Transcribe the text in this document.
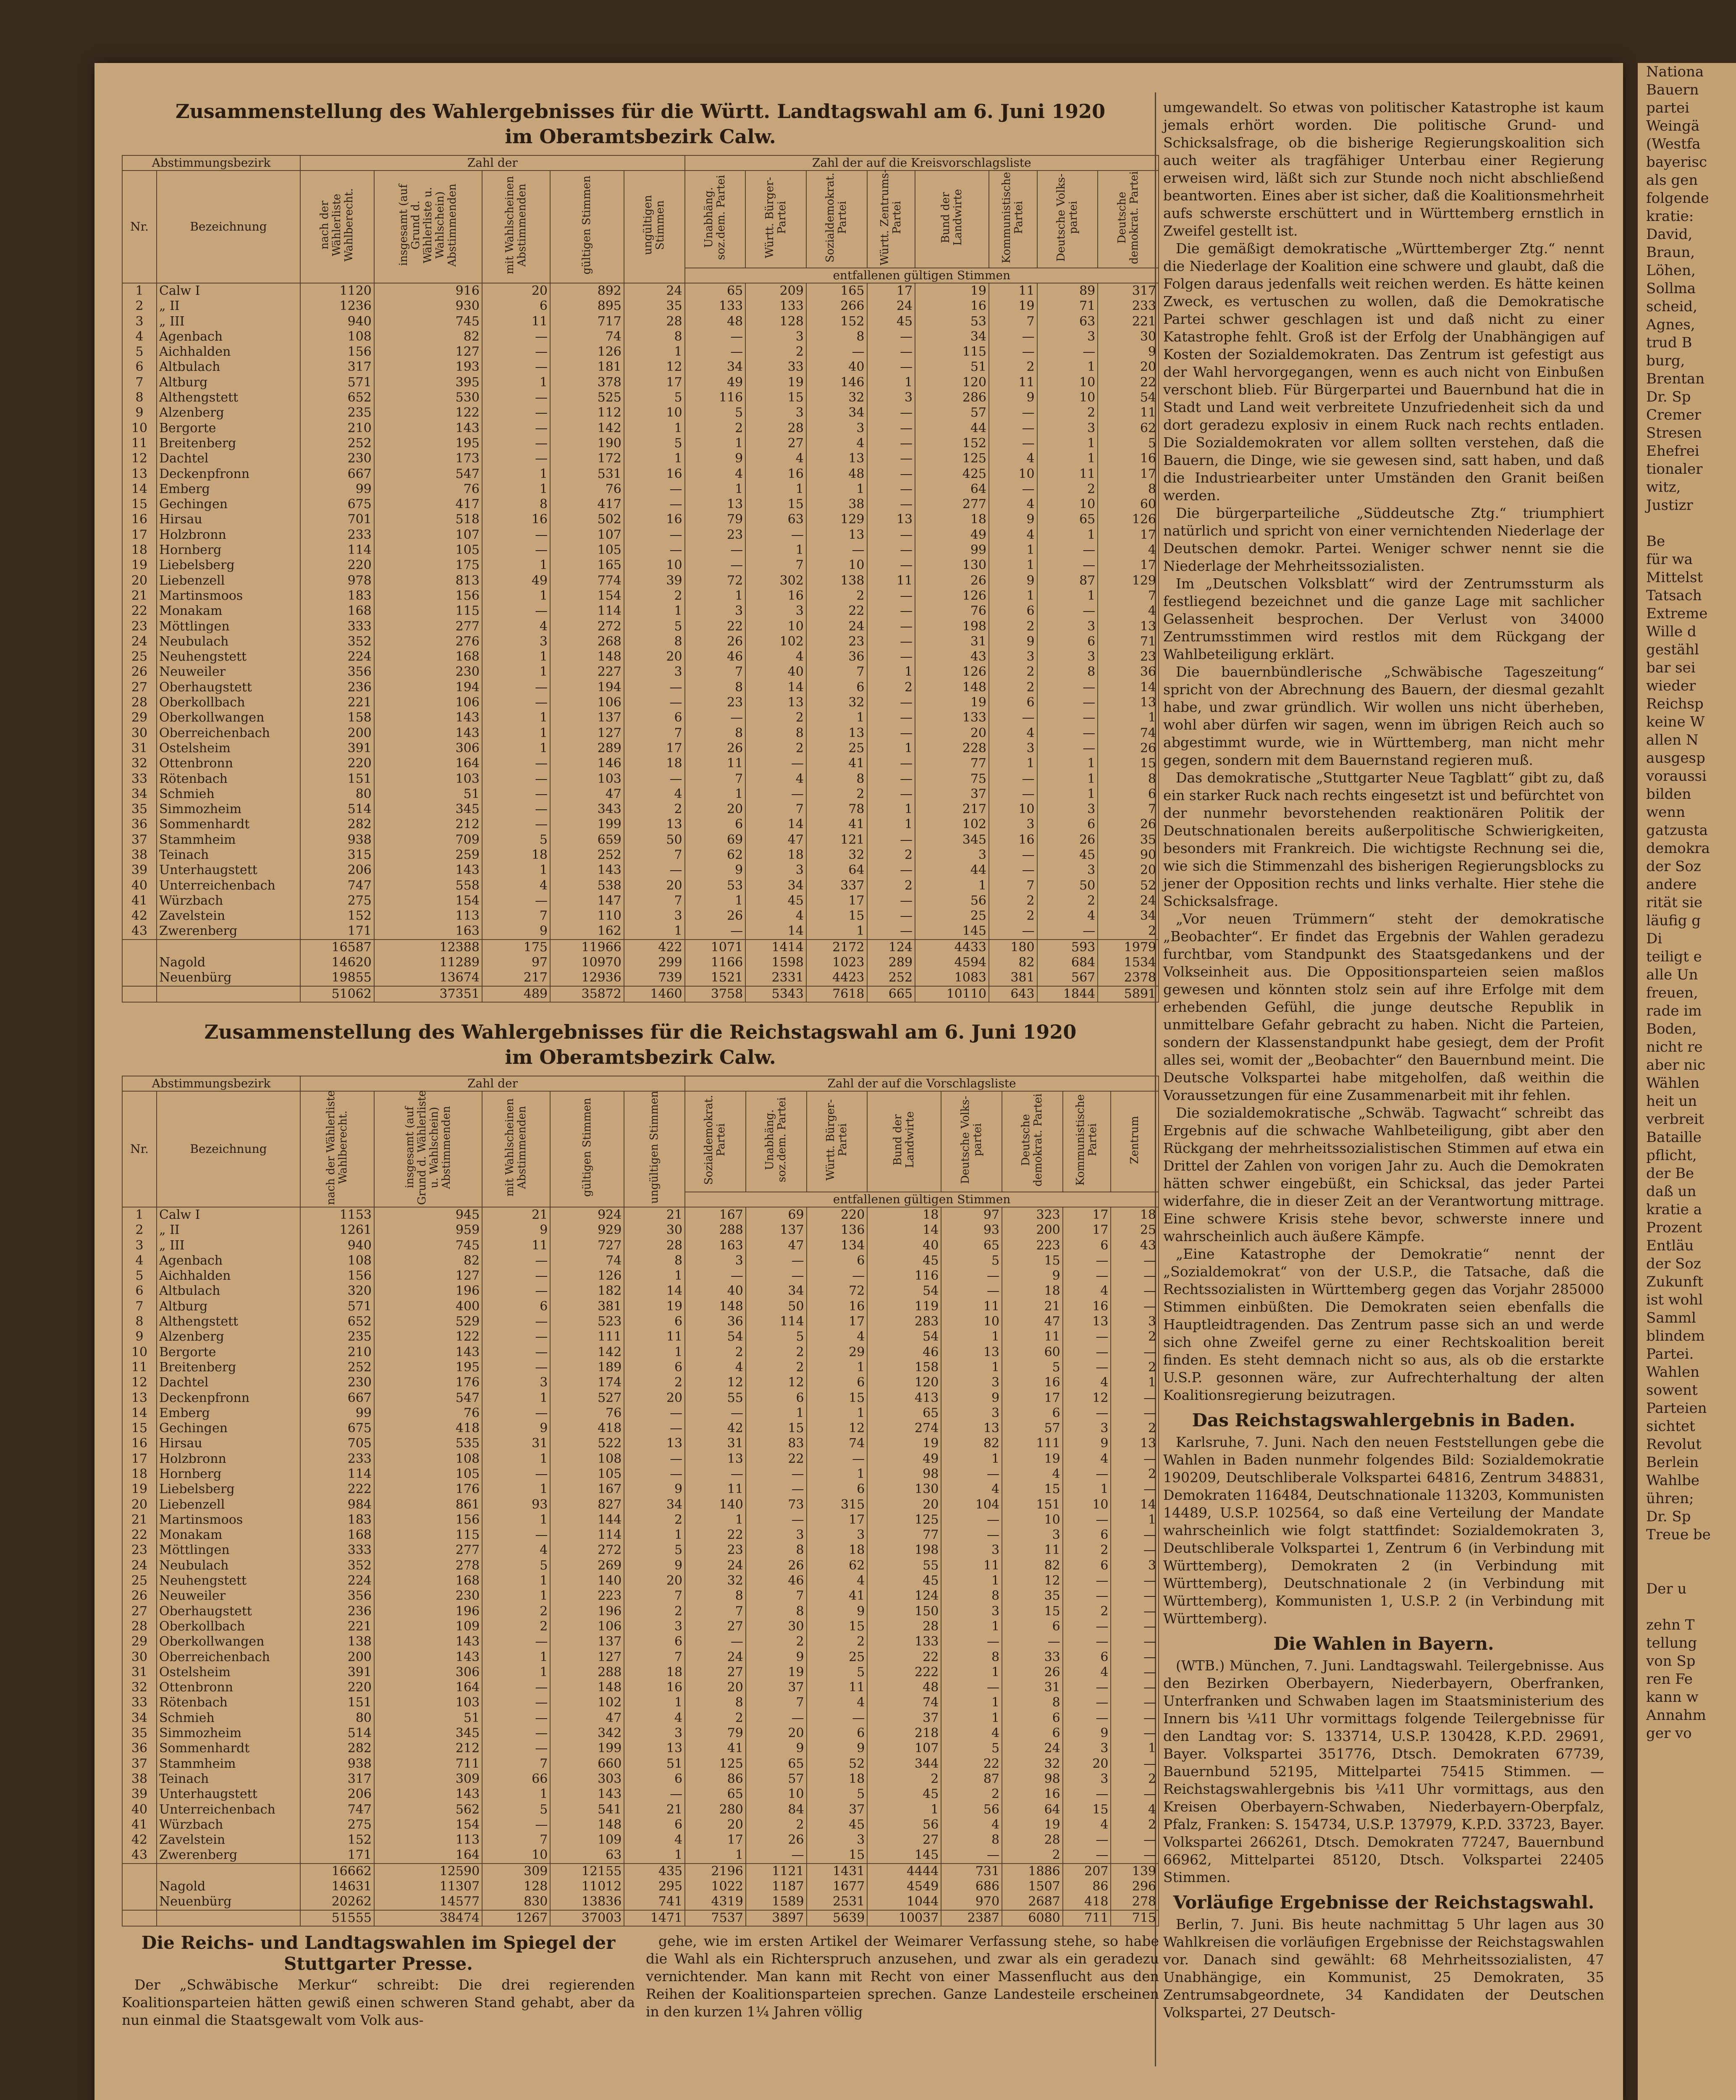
Zusammenstellung des Wahlergebnisses für die Württ. Landtagswahl am 6. Juni 1920
im Oberamtsbezirk Calw.
Abstimmungsbezirk		Zahl der					Zahl der auf die Kreisvorschlagsliste							
Nr.	Bezeichnung	nach der Wählerliste Wahlberecht.	insgesamt (auf Grund d. Wählerliste u. Wahlschein) Abstimmenden	mit Wahlscheinen Abstimmenden	gültigen Stimmen	ungültigen Stimmen	Unabhäng. soz.dem. Partei	Württ. Bürger-Partei	Sozialdemokrat. Partei	Württ. Zentrums-Partei	Bund der Landwirte	Kommunistische Partei	Deutsche Volks-partei	Deutsche demokrat. Partei
							entfallenen gültigen Stimmen							
1	Calw I	1120	916	20	892	24	65	209	165	17	19	11	89	317
2	„ II	1236	930	6	895	35	133	133	266	24	16	19	71	233
3	„ III	940	745	11	717	28	48	128	152	45	53	7	63	221
4	Agenbach	108	82	—	74	8	—	3	8	—	34	—	3	30
5	Aichhalden	156	127	—	126	1	—	2	—	—	115	—	—	9
6	Altbulach	317	193	—	181	12	34	33	40	—	51	2	1	20
7	Altburg	571	395	1	378	17	49	19	146	1	120	11	10	22
8	Althengstett	652	530	—	525	5	116	15	32	3	286	9	10	54
9	Alzenberg	235	122	—	112	10	5	3	34	—	57	—	2	11
10	Bergorte	210	143	—	142	1	2	28	3	—	44	—	3	62
11	Breitenberg	252	195	—	190	5	1	27	4	—	152	—	1	5
12	Dachtel	230	173	—	172	1	9	4	13	—	125	4	1	16
13	Deckenpfronn	667	547	1	531	16	4	16	48	—	425	10	11	17
14	Emberg	99	76	1	76	—	1	1	1	—	64	—	2	8
15	Gechingen	675	417	8	417	—	13	15	38	—	277	4	10	60
16	Hirsau	701	518	16	502	16	79	63	129	13	18	9	65	126
17	Holzbronn	233	107	—	107	—	23	—	13	—	49	4	1	17
18	Hornberg	114	105	—	105	—	—	1	—	—	99	1	—	4
19	Liebelsberg	220	175	1	165	10	—	7	10	—	130	1	—	17
20	Liebenzell	978	813	49	774	39	72	302	138	11	26	9	87	129
21	Martinsmoos	183	156	1	154	2	1	16	2	—	126	1	1	7
22	Monakam	168	115	—	114	1	3	3	22	—	76	6	—	4
23	Möttlingen	333	277	4	272	5	22	10	24	—	198	2	3	13
24	Neubulach	352	276	3	268	8	26	102	23	—	31	9	6	71
25	Neuhengstett	224	168	1	148	20	46	4	36	—	43	3	3	23
26	Neuweiler	356	230	1	227	3	7	40	7	1	126	2	8	36
27	Oberhaugstett	236	194	—	194	—	8	14	6	2	148	2	—	14
28	Oberkollbach	221	106	—	106	—	23	13	32	—	19	6	—	13
29	Oberkollwangen	158	143	1	137	6	—	2	1	—	133	—	—	1
30	Oberreichenbach	200	143	1	127	7	8	8	13	—	20	4	—	74
31	Ostelsheim	391	306	1	289	17	26	2	25	1	228	3	—	26
32	Ottenbronn	220	164	—	146	18	11	—	41	—	77	1	1	15
33	Rötenbach	151	103	—	103	—	7	4	8	—	75	—	1	8
34	Schmieh	80	51	—	47	4	1	—	2	—	37	—	1	6
35	Simmozheim	514	345	—	343	2	20	7	78	1	217	10	3	7
36	Sommenhardt	282	212	—	199	13	6	14	41	1	102	3	6	26
37	Stammheim	938	709	5	659	50	69	47	121	—	345	16	26	35
38	Teinach	315	259	18	252	7	62	18	32	2	3	—	45	90
39	Unterhaugstett	206	143	1	143	—	9	3	64	—	44	—	3	20
40	Unterreichenbach	747	558	4	538	20	53	34	337	2	1	7	50	52
41	Würzbach	275	154	—	147	7	1	45	17	—	56	2	2	24
42	Zavelstein	152	113	7	110	3	26	4	15	—	25	2	4	34
43	Zwerenberg	171	163	9	162	1	—	14	1	—	145	—	—	2
		16587	12388	175	11966	422	1071	1414	2172	124	4433	180	593	1979
	Nagold	14620	11289	97	10970	299	1166	1598	1023	289	4594	82	684	1534
	Neuenbürg	19855	13674	217	12936	739	1521	2331	4423	252	1083	381	567	2378
		51062	37351	489	35872	1460	3758	5343	7618	665	10110	643	1844	5891
Zusammenstellung des Wahlergebnisses für die Reichstagswahl am 6. Juni 1920
im Oberamtsbezirk Calw.
Abstimmungsbezirk		Zahl der					Zahl der auf die Vorschlagsliste							
Nr.	Bezeichnung	nach der Wählerliste Wahlberecht.	insgesamt (auf Grund d. Wählerliste u. Wahlschein) Abstimmenden	mit Wahlscheinen Abstimmenden	gültigen Stimmen	ungültigen Stimmen	Sozialdemokrat. Partei	Unabhäng. soz.dem. Partei	Württ. Bürger-Partei	Bund der Landwirte	Deutsche Volks-partei	Deutsche demokrat. Partei	Kommunistische Partei	Zentrum
							entfallenen gültigen Stimmen							
1	Calw I	1153	945	21	924	21	167	69	220	18	97	323	17	18
2	„ II	1261	959	9	929	30	288	137	136	14	93	200	17	25
3	„ III	940	745	11	727	28	163	47	134	40	65	223	6	43
4	Agenbach	108	82	—	74	8	3	—	6	45	5	15	—	—
5	Aichhalden	156	127	—	126	1	—	—	—	116	—	9	—	—
6	Altbulach	320	196	—	182	14	40	34	72	54	—	18	4	—
7	Altburg	571	400	6	381	19	148	50	16	119	11	21	16	—
8	Althengstett	652	529	—	523	6	36	114	17	283	10	47	13	3
9	Alzenberg	235	122	—	111	11	54	5	4	54	1	11	—	2
10	Bergorte	210	143	—	142	1	2	2	29	46	13	60	—	—
11	Breitenberg	252	195	—	189	6	4	2	1	158	1	5	—	2
12	Dachtel	230	176	3	174	2	12	12	6	120	3	16	4	1
13	Deckenpfronn	667	547	1	527	20	55	6	15	413	9	17	12	—
14	Emberg	99	76	—	76	—	—	1	1	65	3	6	—	—
15	Gechingen	675	418	9	418	—	42	15	12	274	13	57	3	2
16	Hirsau	705	535	31	522	13	31	83	74	19	82	111	9	13
17	Holzbronn	233	108	1	108	—	13	22	—	49	1	19	4	—
18	Hornberg	114	105	—	105	—	—	—	1	98	—	4	—	2
19	Liebelsberg	222	176	1	167	9	11	—	6	130	4	15	1	—
20	Liebenzell	984	861	93	827	34	140	73	315	20	104	151	10	14
21	Martinsmoos	183	156	1	144	2	1	—	17	125	—	10	—	1
22	Monakam	168	115	—	114	1	22	3	3	77	—	3	6	—
23	Möttlingen	333	277	4	272	5	23	8	18	198	3	11	2	—
24	Neubulach	352	278	5	269	9	24	26	62	55	11	82	6	3
25	Neuhengstett	224	168	1	140	20	32	46	4	45	1	12	—	—
26	Neuweiler	356	230	1	223	7	8	7	41	124	8	35	—	—
27	Oberhaugstett	236	196	2	196	2	7	8	9	150	3	15	2	—
28	Oberkollbach	221	109	2	106	3	27	30	15	28	1	6	—	—
29	Oberkollwangen	138	143	—	137	6	—	2	2	133	—	—	—	—
30	Oberreichenbach	200	143	1	127	7	24	9	25	22	8	33	6	—
31	Ostelsheim	391	306	1	288	18	27	19	5	222	1	26	4	—
32	Ottenbronn	220	164	—	148	16	20	37	11	48	—	31	—	—
33	Rötenbach	151	103	—	102	1	8	7	4	74	1	8	—	—
34	Schmieh	80	51	—	47	4	2	—	—	37	1	6	—	—
35	Simmozheim	514	345	—	342	3	79	20	6	218	4	6	9	—
36	Sommenhardt	282	212	—	199	13	41	9	9	107	5	24	3	1
37	Stammheim	938	711	7	660	51	125	65	52	344	22	32	20	—
38	Teinach	317	309	66	303	6	86	57	18	2	87	98	3	2
39	Unterhaugstett	206	143	1	143	—	65	10	5	45	2	16	—	—
40	Unterreichenbach	747	562	5	541	21	280	84	37	1	56	64	15	4
41	Würzbach	275	154	—	148	6	20	2	45	56	4	19	4	2
42	Zavelstein	152	113	7	109	4	17	26	3	27	8	28	—	—
43	Zwerenberg	171	164	10	63	1	1	—	15	145	—	2	—	—
		16662	12590	309	12155	435	2196	1121	1431	4444	731	1886	207	139
	Nagold	14631	11307	128	11012	295	1022	1187	1677	4549	686	1507	86	296
	Neuenbürg	20262	14577	830	13836	741	4319	1589	2531	1044	970	2687	418	278
		51555	38474	1267	37003	1471	7537	3897	5639	10037	2387	6080	711	715
Die Reichs- und Landtagswahlen im Spiegel der Stuttgarter Presse.

Der „Schwäbische Merkur“ schreibt: Die drei regierenden Koalitionsparteien hätten gewiß einen schweren Stand gehabt, aber da nun einmal die Staatsgewalt vom Volk aus-

gehe, wie im ersten Artikel der Weimarer Verfassung stehe, so habe die Wahl als ein Richterspruch anzusehen, und zwar als ein geradezu vernichtender. Man kann mit Recht von einer Massenflucht aus den Reihen der Koalitionsparteien sprechen. Ganze Landesteile erscheinen in den kurzen 1¼ Jahren völlig

umgewandelt. So etwas von politischer Katastrophe ist kaum jemals erhört worden. Die politische Grund- und Schicksalsfrage, ob die bisherige Regierungskoalition sich auch weiter als tragfähiger Unterbau einer Regierung erweisen wird, läßt sich zur Stunde noch nicht abschließend beantworten. Eines aber ist sicher, daß die Koalitionsmehrheit aufs schwerste erschüttert und in Württemberg ernstlich in Zweifel gestellt ist.

Die gemäßigt demokratische „Württemberger Ztg.“ nennt die Niederlage der Koalition eine schwere und glaubt, daß die Folgen daraus jedenfalls weit reichen werden. Es hätte keinen Zweck, es vertuschen zu wollen, daß die Demokratische Partei schwer geschlagen ist und daß nicht zu einer Katastrophe fehlt. Groß ist der Erfolg der Unabhängigen auf Kosten der Sozialdemokraten. Das Zentrum ist gefestigt aus der Wahl hervorgegangen, wenn es auch nicht von Einbußen verschont blieb. Für Bürgerpartei und Bauernbund hat die in Stadt und Land weit verbreitete Unzufriedenheit sich da und dort geradezu explosiv in einem Ruck nach rechts entladen. Die Sozialdemokraten vor allem sollten verstehen, daß die Bauern, die Dinge, wie sie gewesen sind, satt haben, und daß die Industriearbeiter unter Umständen den Granit beißen werden.

Die bürgerparteiliche „Süddeutsche Ztg.“ triumphiert natürlich und spricht von einer vernichtenden Niederlage der Deutschen demokr. Partei. Weniger schwer nennt sie die Niederlage der Mehrheitssozialisten.

Im „Deutschen Volksblatt“ wird der Zentrumssturm als festliegend bezeichnet und die ganze Lage mit sachlicher Gelassenheit besprochen. Der Verlust von 34000 Zentrumsstimmen wird restlos mit dem Rückgang der Wahlbeteiligung erklärt.

Die bauernbündlerische „Schwäbische Tageszeitung“ spricht von der Abrechnung des Bauern, der diesmal gezahlt habe, und zwar gründlich. Wir wollen uns nicht überheben, wohl aber dürfen wir sagen, wenn im übrigen Reich auch so abgestimmt wurde, wie in Württemberg, man nicht mehr gegen, sondern mit dem Bauernstand regieren muß.

Das demokratische „Stuttgarter Neue Tagblatt“ gibt zu, daß ein starker Ruck nach rechts eingesetzt ist und befürchtet von der nunmehr bevorstehenden reaktionären Politik der Deutschnationalen bereits außerpolitische Schwierigkeiten, besonders mit Frankreich. Die wichtigste Rechnung sei die, wie sich die Stimmenzahl des bisherigen Regierungsblocks zu jener der Opposition rechts und links verhalte. Hier stehe die Schicksalsfrage.

„Vor neuen Trümmern“ steht der demokratische „Beobachter“. Er findet das Ergebnis der Wahlen geradezu furchtbar, vom Standpunkt des Staatsgedankens und der Volkseinheit aus. Die Oppositionsparteien seien maßlos gewesen und könnten stolz sein auf ihre Erfolge mit dem erhebenden Gefühl, die junge deutsche Republik in unmittelbare Gefahr gebracht zu haben. Nicht die Parteien, sondern der Klassenstandpunkt habe gesiegt, dem der Profit alles sei, womit der „Beobachter“ den Bauernbund meint. Die Deutsche Volkspartei habe mitgeholfen, daß weithin die Voraussetzungen für eine Zusammenarbeit mit ihr fehlen.

Die sozialdemokratische „Schwäb. Tagwacht“ schreibt das Ergebnis auf die schwache Wahlbeteiligung, gibt aber den Rückgang der mehrheitssozialistischen Stimmen auf etwa ein Drittel der Zahlen von vorigen Jahr zu. Auch die Demokraten hätten schwer eingebüßt, ein Schicksal, das jeder Partei widerfahre, die in dieser Zeit an der Verantwortung mittrage. Eine schwere Krisis stehe bevor, schwerste innere und wahrscheinlich auch äußere Kämpfe.

„Eine Katastrophe der Demokratie“ nennt der „Sozialdemokrat“ von der U.S.P., die Tatsache, daß die Rechtssozialisten in Württemberg gegen das Vorjahr 285000 Stimmen einbüßten. Die Demokraten seien ebenfalls die Hauptleidtragenden. Das Zentrum passe sich an und werde sich ohne Zweifel gerne zu einer Rechtskoalition bereit finden. Es steht demnach nicht so aus, als ob die erstarkte U.S.P. gesonnen wäre, zur Aufrechterhaltung der alten Koalitionsregierung beizutragen.

Das Reichstagswahlergebnis in Baden.

Karlsruhe, 7. Juni. Nach den neuen Feststellungen gebe die Wahlen in Baden nunmehr folgendes Bild: Sozialdemokratie 190209, Deutschliberale Volkspartei 64816, Zentrum 348831, Demokraten 116484, Deutschnationale 113203, Kommunisten 14489, U.S.P. 102564, so daß eine Verteilung der Mandate wahrscheinlich wie folgt stattfindet: Sozialdemokraten 3, Deutschliberale Volkspartei 1, Zentrum 6 (in Verbindung mit Württemberg), Demokraten 2 (in Verbindung mit Württemberg), Deutschnationale 2 (in Verbindung mit Württemberg), Kommunisten 1, U.S.P. 2 (in Verbindung mit Württemberg).

Die Wahlen in Bayern.

(WTB.) München, 7. Juni. Landtagswahl. Teilergebnisse. Aus den Bezirken Oberbayern, Niederbayern, Oberfranken, Unterfranken und Schwaben lagen im Staatsministerium des Innern bis ¼11 Uhr vormittags folgende Teilergebnisse für den Landtag vor: S. 133714, U.S.P. 130428, K.P.D. 29691, Bayer. Volkspartei 351776, Dtsch. Demokraten 67739, Bauernbund 52195, Mittelpartei 75415 Stimmen. — Reichstagswahlergebnis bis ¼11 Uhr vormittags, aus den Kreisen Oberbayern-Schwaben, Niederbayern-Oberpfalz, Pfalz, Franken: S. 154734, U.S.P. 137979, K.P.D. 33723, Bayer. Volkspartei 266261, Dtsch. Demokraten 77247, Bauernbund 66962, Mittelpartei 85120, Dtsch. Volkspartei 22405 Stimmen.

Vorläufige Ergebnisse der Reichstagswahl.

Berlin, 7. Juni. Bis heute nachmittag 5 Uhr lagen aus 30 Wahlkreisen die vorläufigen Ergebnisse der Reichstagswahlen vor. Danach sind gewählt: 68 Mehrheitssozialisten, 47 Unabhängige, ein Kommunist, 25 Demokraten, 35 Zentrumsabgeordnete, 34 Kandidaten der Deutschen Volkspartei, 27 Deutsch-

Nationa

Bauern

partei

Weingä

(Westfa

bayerisc

als gen

folgende

kratie:

David,

Braun,

Löhen,

Sollma

scheid,

Agnes,

trud B

burg,

Brentan

Dr. Sp

Cremer

Stresen

Ehefrei

tionaler

witz,

Justizr

Be

für wa

Mittelst

Tatsach

Extreme

Wille d

gestähl

bar sei

wieder

Reichsp

keine W

allen N

ausgesp

voraussi

bilden

wenn

gatzusta

demokra

der Soz

andere

rität sie

läufig g

Di

teiligt e

alle Un

freuen,

rade im

Boden,

nicht re

aber nic

Wählen

heit un

verbreit

Bataille

pflicht,

der Be

daß un

kratie a

Prozent

Entläu

der Soz

Zukunft

ist wohl

Samml

blindem

Partei.

Wahlen

sowent

Parteien

sichtet

Revolut

Berlein

Wahlbe

ühren;

Dr. Sp

Treue be

Der u

zehn T

tellung

von Sp

ren Fe

kann w

Annahm

ger vo
